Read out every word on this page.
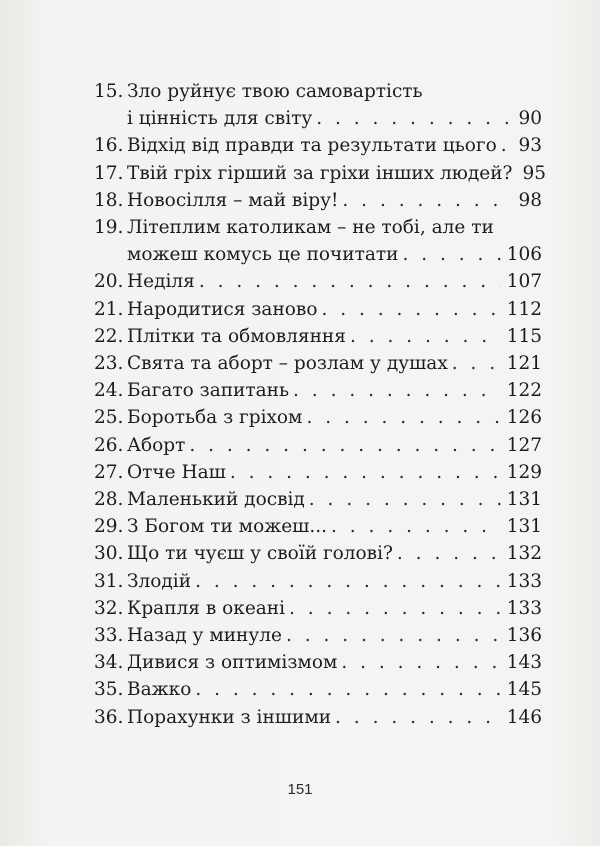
15. Зло руйнує твою самовартість
і цінність для світу . . .	90
16. Відхід від правди та результати цього . . . 93
17. Твій гріх гірший за гріхи інших людей? 95
18. Новосілля – май віру! . . .	98
19. Літеплим католикам – не тобі, але ти
можеш комусь це почитати . . .	106
20. Неділя . . .	107
21. Народитися заново . . .	112
22. Плітки та обмовляння . . .	115
23. Свята та аборт – розлам у душах . . .	121
24. Багато запитань . . .	122
25. Боротьба з гріхом . . .	126
26. Аборт . . .	127
27. Отче Наш . . .	129
28. Маленький досвід . . .	131
29. З Богом ти можеш... . . .	131
30. Що ти чуєш у своїй голові? . . .	132
31. Злодій . . .	133
32. Крапля в океані . . .	133
33. Назад у минуле . . .	136
34. Дивися з оптимізмом . . .	143
35. Важко . . .	145
36. Порахунки з іншими . . .	146
151
